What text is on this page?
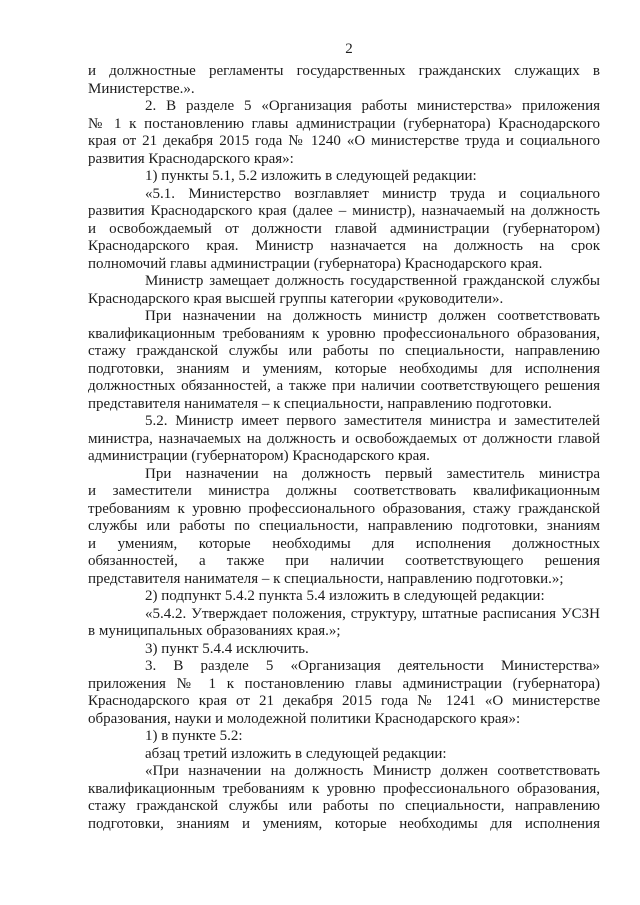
2
и должностные регламенты государственных гражданских служащих в
Министерстве.».
2. В разделе 5 «Организация работы министерства» приложения
№ 1 к постановлению главы администрации (губернатора) Краснодарского
края от 21 декабря 2015 года № 1240 «О министерстве труда и социального
развития Краснодарского края»:
1) пункты 5.1, 5.2 изложить в следующей редакции:
«5.1. Министерство возглавляет министр труда и социального
развития Краснодарского края (далее – министр), назначаемый на должность
и освобождаемый от должности главой администрации (губернатором)
Краснодарского края. Министр назначается на должность на срок
полномочий главы администрации (губернатора) Краснодарского края.
Министр замещает должность государственной гражданской службы
Краснодарского края высшей группы категории «руководители».
При назначении на должность министр должен соответствовать
квалификационным требованиям к уровню профессионального образования,
стажу гражданской службы или работы по специальности, направлению
подготовки, знаниям и умениям, которые необходимы для исполнения
должностных обязанностей, а также при наличии соответствующего решения
представителя нанимателя – к специальности, направлению подготовки.
5.2. Министр имеет первого заместителя министра и заместителей
министра, назначаемых на должность и освобождаемых от должности главой
администрации (губернатором) Краснодарского края.
При назначении на должность первый заместитель министра
и заместители министра должны соответствовать квалификационным
требованиям к уровню профессионального образования, стажу гражданской
службы или работы по специальности, направлению подготовки, знаниям
и умениям, которые необходимы для исполнения должностных
обязанностей, а также при наличии соответствующего решения
представителя нанимателя – к специальности, направлению подготовки.»;
2) подпункт 5.4.2 пункта 5.4 изложить в следующей редакции:
«5.4.2. Утверждает положения, структуру, штатные расписания УСЗН
в муниципальных образованиях края.»;
3) пункт 5.4.4 исключить.
3. В разделе 5 «Организация деятельности Министерства»
приложения № 1 к постановлению главы администрации (губернатора)
Краснодарского края от 21 декабря 2015 года № 1241 «О министерстве
образования, науки и молодежной политики Краснодарского края»:
1) в пункте 5.2:
абзац третий изложить в следующей редакции:
«При назначении на должность Министр должен соответствовать
квалификационным требованиям к уровню профессионального образования,
стажу гражданской службы или работы по специальности, направлению
подготовки, знаниям и умениям, которые необходимы для исполнения
